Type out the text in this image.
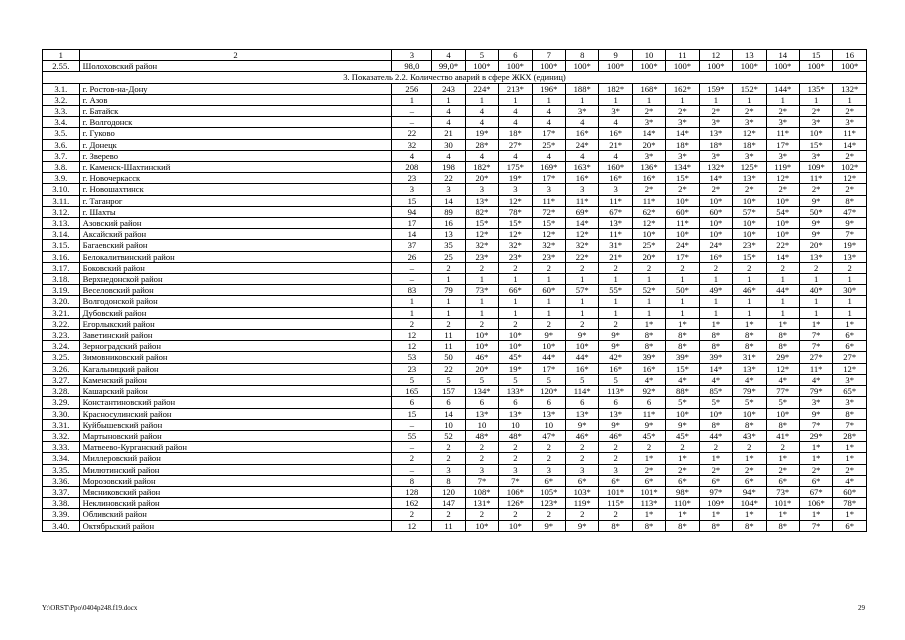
1	2	3	4	5	6	7	8	9	10	11	12	13	14	15	16
2.55.	Шолоховский район	98,0	99,0*	100*	100*	100*	100*	100*	100*	100*	100*	100*	100*	100*	100*
3. Показатель 2.2. Количество аварий в сфере ЖКХ (единиц)															
3.1.	г. Ростов-на-Дону	256	243	224*	213*	196*	188*	182*	168*	162*	159*	152*	144*	135*	132*
3.2.	г. Азов	1	1	1	1	1	1	1	1	1	1	1	1	1	1
3.3.	г. Батайск	–	4	4	4	4	3*	3*	2*	2*	2*	2*	2*	2*	2*
3.4.	г. Волгодонск	–	4	4	4	4	4	4	3*	3*	3*	3*	3*	3*	3*
3.5.	г. Гуково	22	21	19*	18*	17*	16*	16*	14*	14*	13*	12*	11*	10*	11*
3.6.	г. Донецк	32	30	28*	27*	25*	24*	21*	20*	18*	18*	18*	17*	15*	14*
3.7.	г. Зверево	4	4	4	4	4	4	4	3*	3*	3*	3*	3*	3*	2*
3.8.	г. Каменск-Шахтинский	208	198	182*	175*	169*	163*	160*	136*	134*	132*	125*	119*	109*	102*
3.9.	г. Новочеркасск	23	22	20*	19*	17*	16*	16*	16*	15*	14*	13*	12*	11*	12*
3.10.	г. Новошахтинск	3	3	3	3	3	3	3	2*	2*	2*	2*	2*	2*	2*
3.11.	г. Таганрог	15	14	13*	12*	11*	11*	11*	11*	10*	10*	10*	10*	9*	8*
3.12.	г. Шахты	94	89	82*	78*	72*	69*	67*	62*	60*	60*	57*	54*	50*	47*
3.13.	Азовский район	17	16	15*	15*	15*	14*	13*	12*	11*	10*	10*	10*	9*	9*
3.14.	Аксайский район	14	13	12*	12*	12*	12*	11*	10*	10*	10*	10*	10*	9*	7*
3.15.	Багаевский район	37	35	32*	32*	32*	32*	31*	25*	24*	24*	23*	22*	20*	19*
3.16.	Белокалитвинский район	26	25	23*	23*	23*	22*	21*	20*	17*	16*	15*	14*	13*	13*
3.17.	Боковский район	–	2	2	2	2	2	2	2	2	2	2	2	2	2
3.18.	Верхнедонской район	–	1	1	1	1	1	1	1	1	1	1	1	1	1
3.19.	Веселовский район	83	79	73*	66*	60*	57*	55*	52*	50*	49*	46*	44*	40*	30*
3.20.	Волгодонской район	1	1	1	1	1	1	1	1	1	1	1	1	1	1
3.21.	Дубовский район	1	1	1	1	1	1	1	1	1	1	1	1	1	1
3.22.	Егорлыкский район	2	2	2	2	2	2	2	1*	1*	1*	1*	1*	1*	1*
3.23.	Заветинский район	12	11	10*	10*	9*	9*	9*	8*	8*	8*	8*	8*	7*	6*
3.24.	Зерноградский район	12	11	10*	10*	10*	10*	9*	8*	8*	8*	8*	8*	7*	6*
3.25.	Зимовниковский район	53	50	46*	45*	44*	44*	42*	39*	39*	39*	31*	29*	27*	27*
3.26.	Кагальницкий район	23	22	20*	19*	17*	16*	16*	16*	15*	14*	13*	12*	11*	12*
3.27.	Каменский район	5	5	5	5	5	5	5	4*	4*	4*	4*	4*	4*	3*
3.28.	Кашарский район	165	157	134*	133*	120*	114*	113*	92*	88*	85*	79*	77*	79*	65*
3.29.	Константиновский район	6	6	6	6	6	6	6	6	5*	5*	5*	5*	3*	3*
3.30.	Красносулинский район	15	14	13*	13*	13*	13*	13*	11*	10*	10*	10*	10*	9*	8*
3.31.	Куйбышевский район	–	10	10	10	10	9*	9*	9*	9*	8*	8*	8*	7*	7*
3.32.	Мартыновский район	55	52	48*	48*	47*	46*	46*	45*	45*	44*	43*	41*	29*	28*
3.33.	Матвеево-Курганский район	–	2	2	2	2	2	2	2	2	2	2	2	1*	1*
3.34.	Миллеровский район	2	2	2	2	2	2	2	1*	1*	1*	1*	1*	1*	1*
3.35.	Милютинский район	–	3	3	3	3	3	3	2*	2*	2*	2*	2*	2*	2*
3.36.	Морозовский район	8	8	7*	7*	6*	6*	6*	6*	6*	6*	6*	6*	6*	4*
3.37.	Мясниковский район	128	120	108*	106*	105*	103*	101*	101*	98*	97*	94*	73*	67*	60*
3.38.	Неклиновский район	162	147	131*	126*	123*	119*	115*	113*	110*	109*	104*	101*	106*	78*
3.39.	Обливский район	2	2	2	2	2	2	2	1*	1*	1*	1*	1*	1*	1*
3.40.	Октябрьский район	12	11	10*	10*	9*	9*	8*	8*	8*	8*	8*	8*	7*	6*
Y:\ORST\Ppo\0404p248.f19.docx	29
